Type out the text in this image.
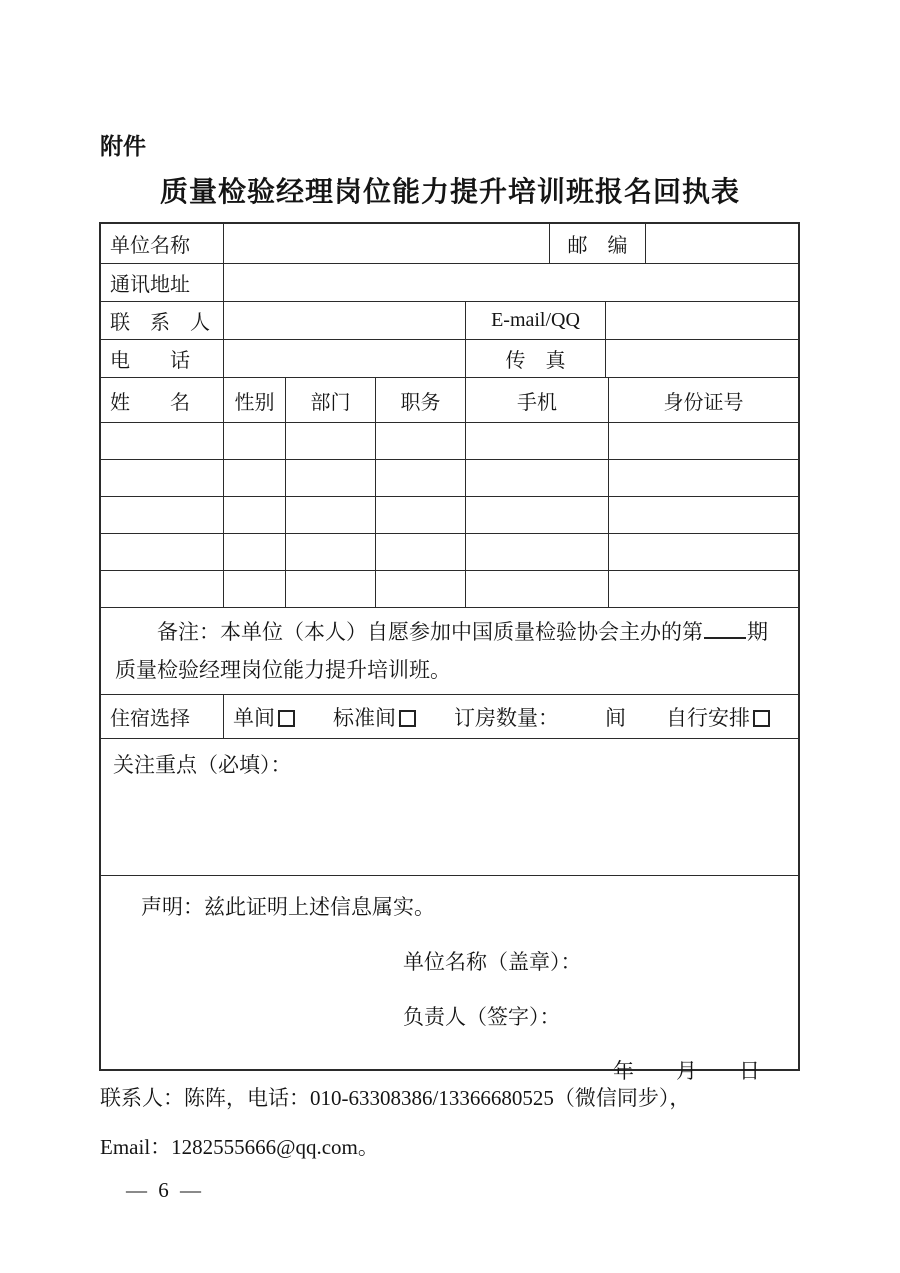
附件
质量检验经理岗位能力提升培训班报名回执表
单位名称	邮　编
通讯地址
联　系　人	E-mail/QQ
电　　话	传　真
姓　　名	性别	部门	职务	手机	身份证号
备注：本单位（本人）自愿参加中国质量检验协会主办的第 期
质量检验经理岗位能力提升培训班。
住宿选择	单间	标准间	订房数量： 间 自行安排
关注重点（必填）：
声明：兹此证明上述信息属实。
单位名称（盖章）：
负责人（签字）：
年　　月　　日
联系人：陈阵，电话：010-63308386/13366680525（微信同步），
Email：1282555666@qq.com。
— 6 —
